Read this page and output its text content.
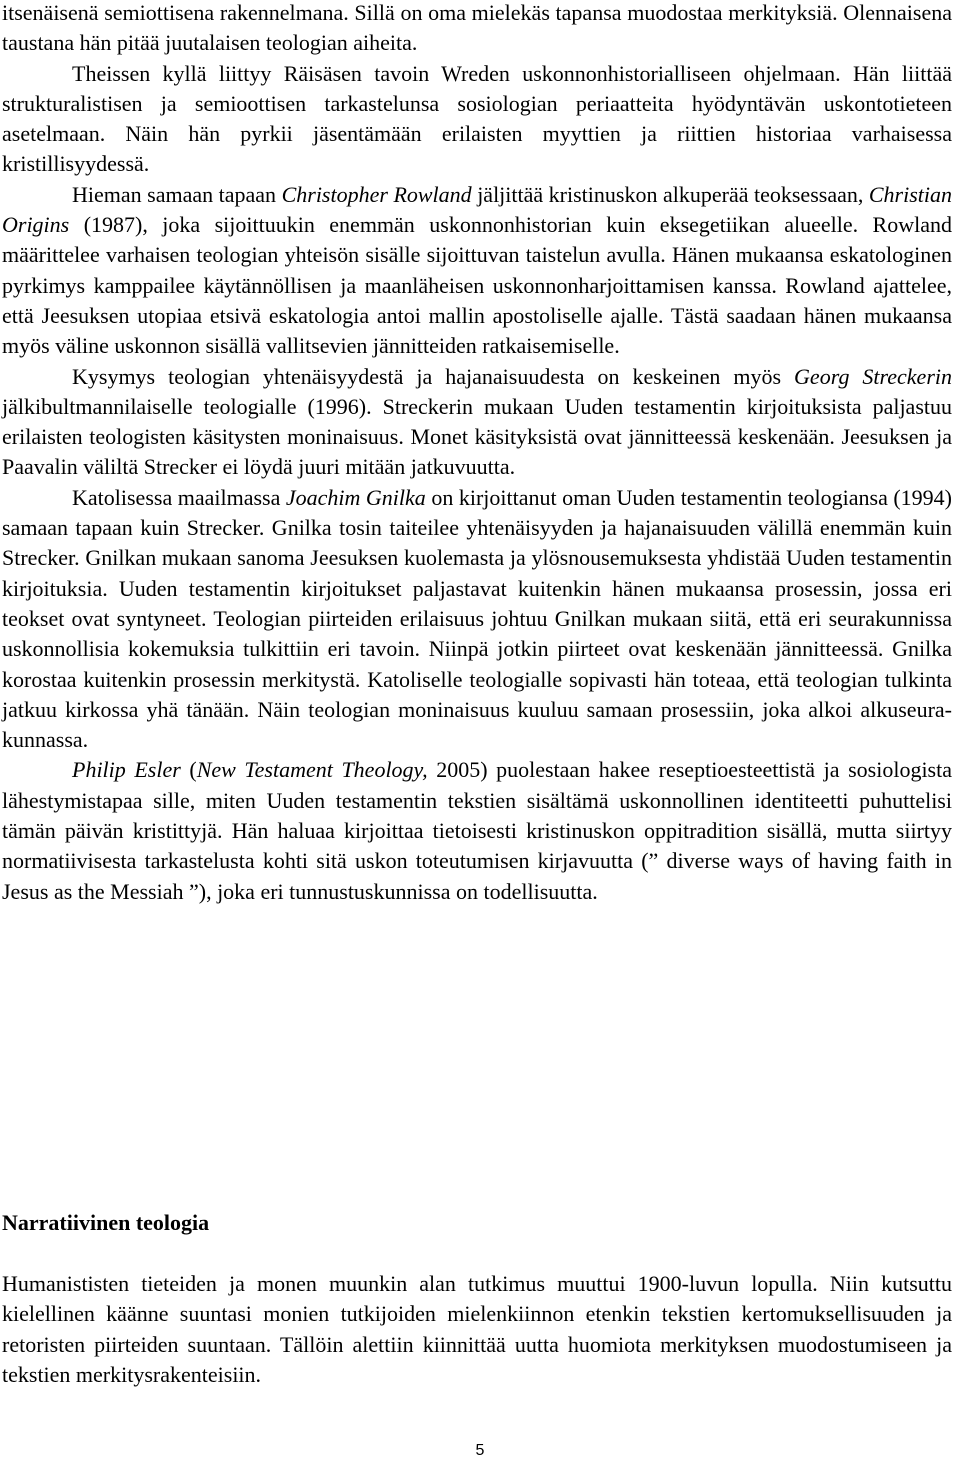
itsenäisenä semiottisena rakennelmana. Sillä on oma mielekäs tapansa muodostaa merkityksiä. Olennaisena taustana hän pitää juutalaisen teologian aiheita.

Theissen kyllä liittyy Räisäsen tavoin Wreden uskonnonhistorialliseen ohjelmaan. Hän liittää strukturalistisen ja semioottisen tarkastelunsa sosiologian periaatteita hyödyntävän uskontotieteen asetelmaan. Näin hän pyrkii jäsentämään erilaisten myyttien ja riittien historiaa varhaisessa kristillisyydessä.

Hieman samaan tapaan Christopher Rowland jäljittää kristinuskon alkuperää teoksessaan, Christian Origins (1987), joka sijoittuukin enemmän uskonnonhistorian kuin eksegetiikan alueelle. Rowland määrittelee varhaisen teologian yhteisön sisälle sijoittuvan taistelun avulla. Hänen mukaansa eskatologinen pyrkimys kamppailee käytännöllisen ja maanläheisen uskonnonharjoittamisen kanssa. Rowland ajattelee, että Jeesuksen utopiaa etsivä eskatologia antoi mallin apostoliselle ajalle. Tästä saadaan hänen mukaansa myös väline uskonnon sisällä vallitsevien jännitteiden ratkaisemiselle.

Kysymys teologian yhtenäisyydestä ja hajanaisuudesta on keskeinen myös Georg Streckerin jälkibultmannilaiselle teologialle (1996). Streckerin mukaan Uuden testamentin kirjoituksista paljastuu erilaisten teologisten käsitysten moninaisuus. Monet käsityksistä ovat jännitteessä keskenään. Jeesuksen ja Paavalin väliltä Strecker ei löydä juuri mitään jatkuvuutta.

Katolisessa maailmassa Joachim Gnilka on kirjoittanut oman Uuden testamentin teologiansa (1994) samaan tapaan kuin Strecker. Gnilka tosin taiteilee yhtenäisyyden ja hajanaisuuden välillä enemmän kuin Strecker. Gnilkan mukaan sanoma Jeesuksen kuolemasta ja ylösnousemuksesta yhdistää Uuden testamentin kirjoituksia. Uuden testamentin kirjoitukset paljastavat kuitenkin hänen mukaansa prosessin, jossa eri teokset ovat syntyneet. Teologian piirteiden erilaisuus johtuu Gnilkan mukaan siitä, että eri seurakunnissa uskonnollisia kokemuksia tulkittiin eri tavoin. Niinpä jotkin piirteet ovat keskenään jännitteessä. Gnilka korostaa kuitenkin prosessin merkitystä. Katoliselle teologialle sopivasti hän toteaa, että teologian tulkinta jatkuu kirkossa yhä tänään. Näin teologian moninaisuus kuuluu samaan prosessiin, joka alkoi alkuseurakunnassa.

Philip Esler (New Testament Theology, 2005) puolestaan hakee reseptioesteettistä ja sosiologista lähestymistapaa sille, miten Uuden testamentin tekstien sisältämä uskonnollinen identiteetti puhuttelisi tämän päivän kristittyjä. Hän haluaa kirjoittaa tietoisesti kristinuskon oppitradition sisällä, mutta siirtyy normatiivisesta tarkastelusta kohti sitä uskon toteutumisen kirjavuutta (” diverse ways of having faith in Jesus as the Messiah ”), joka eri tunnustuskunnissa on todellisuutta.

Narratiivinen teologia

Humanististen tieteiden ja monen muunkin alan tutkimus muuttui 1900-luvun lopulla. Niin kutsuttu kielellinen käänne suuntasi monien tutkijoiden mielenkiinnon etenkin tekstien kertomuksellisuuden ja retoristen piirteiden suuntaan. Tällöin alettiin kiinnittää uutta huomiota merkityksen muodostumiseen ja tekstien merkitysrakenteisiin.

5
